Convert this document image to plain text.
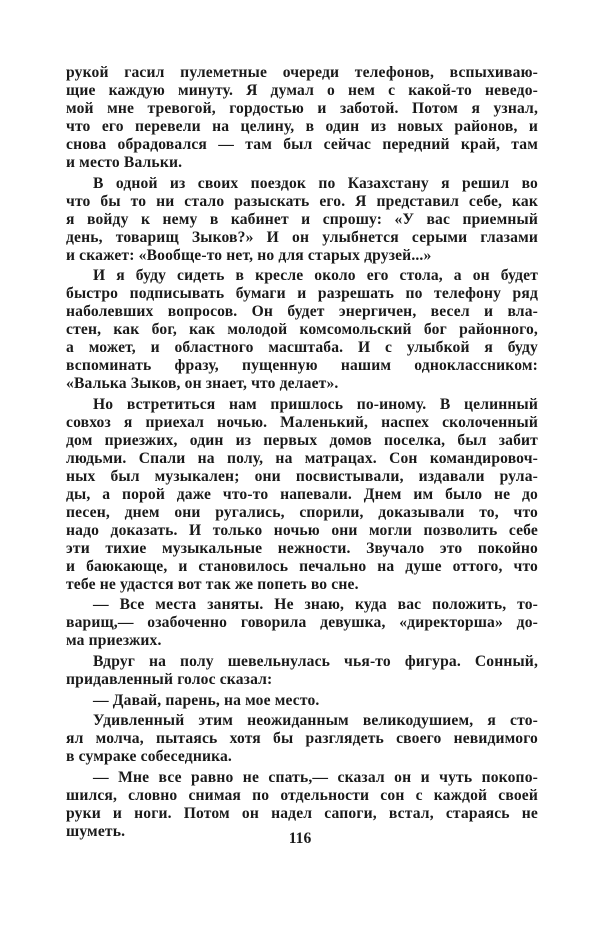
рукой гасил пулеметные очереди телефонов, вспыхиваю-
щие каждую минуту. Я думал о нем с какой-то неведо-
мой мне тревогой, гордостью и заботой. Потом я узнал,
что его перевели на целину, в один из новых районов, и
снова обрадовался — там был сейчас передний край, там
и место Вальки.
В одной из своих поездок по Казахстану я решил во
что бы то ни стало разыскать его. Я представил себе, как
я войду к нему в кабинет и спрошу: «У вас приемный
день, товарищ Зыков?» И он улыбнется серыми глазами
и скажет: «Вообще-то нет, но для старых друзей...»
И я буду сидеть в кресле около его стола, а он будет
быстро подписывать бумаги и разрешать по телефону ряд
наболевших вопросов. Он будет энергичен, весел и вла-
стен, как бог, как молодой комсомольский бог районного,
а может, и областного масштаба. И с улыбкой я буду
вспоминать фразу, пущенную нашим одноклассником:
«Валька Зыков, он знает, что делает».
Но встретиться нам пришлось по-иному. В целинный
совхоз я приехал ночью. Маленький, наспех сколоченный
дом приезжих, один из первых домов поселка, был забит
людьми. Спали на полу, на матрацах. Сон командировоч-
ных был музыкален; они посвистывали, издавали рула-
ды, а порой даже что-то напевали. Днем им было не до
песен, днем они ругались, спорили, доказывали то, что
надо доказать. И только ночью они могли позволить себе
эти тихие музыкальные нежности. Звучало это покойно
и баюкающе, и становилось печально на душе оттого, что
тебе не удастся вот так же попеть во сне.
— Все места заняты. Не знаю, куда вас положить, то-
варищ,— озабоченно говорила девушка, «директорша» до-
ма приезжих.
Вдруг на полу шевельнулась чья-то фигура. Сонный,
придавленный голос сказал:
— Давай, парень, на мое место.
Удивленный этим неожиданным великодушием, я сто-
ял молча, пытаясь хотя бы разглядеть своего невидимого
в сумраке собеседника.
— Мне все равно не спать,— сказал он и чуть покопо-
шился, словно снимая по отдельности сон с каждой своей
руки и ноги. Потом он надел сапоги, встал, стараясь не
шуметь.	116
